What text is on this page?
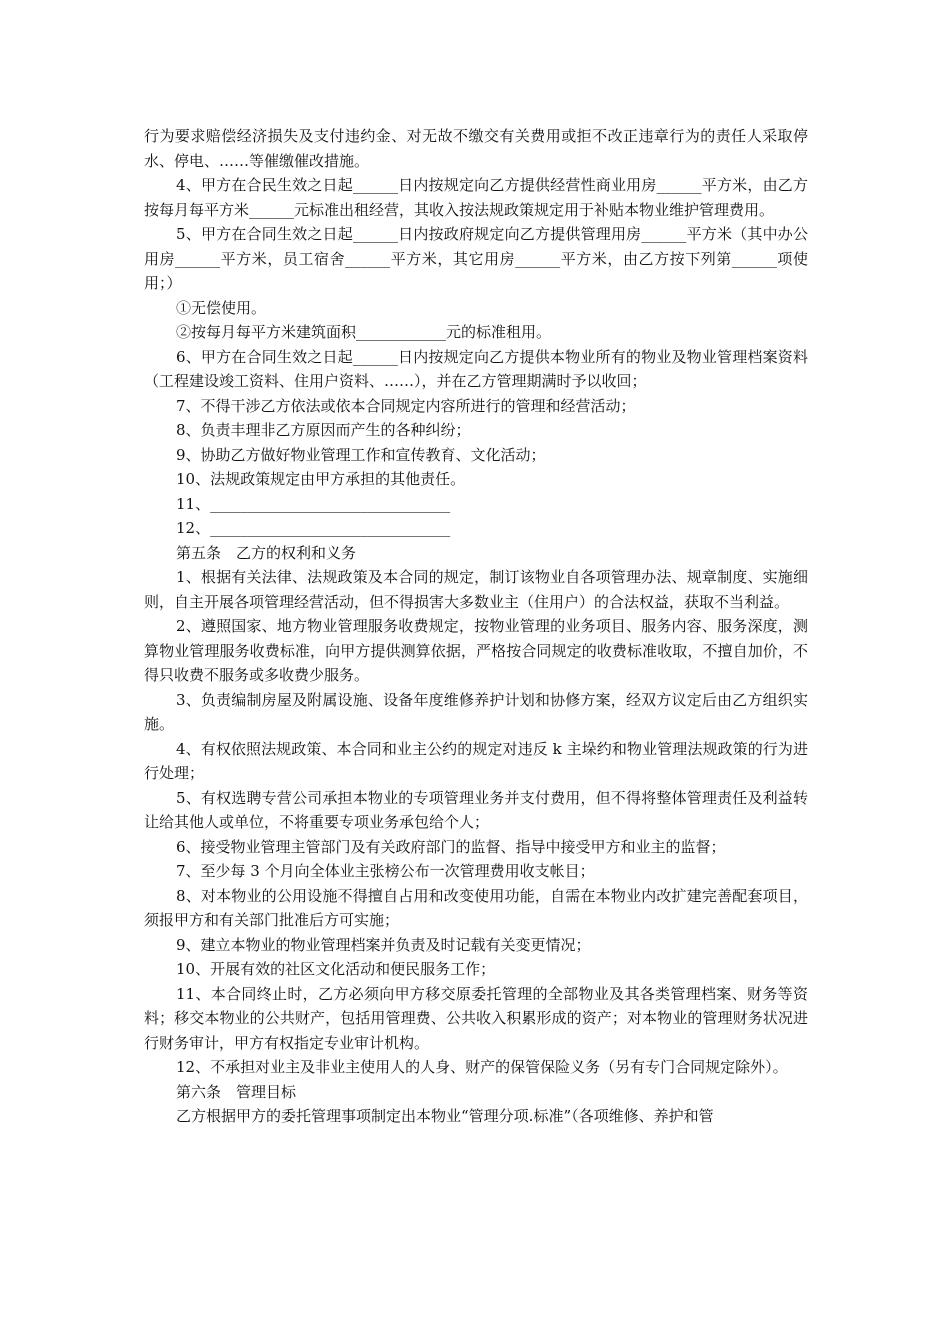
行为要求赔偿经济损失及支付违约金、对无故不缴交有关费用或拒不改正违章行为的责任人采取停水、停电、……等催缴催改措施。

4、甲方在合民生效之日起______日内按规定向乙方提供经营性商业用房______平方米，由乙方按每月每平方米______元标准出租经营，其收入按法规政策规定用于补贴本物业维护管理费用。

5、甲方在合同生效之日起______日内按政府规定向乙方提供管理用房______平方米（其中办公用房______平方米，员工宿舍______平方米，其它用房______平方米，由乙方按下列第______项使用；）

①无偿使用。

②按每月每平方米建筑面积____________元的标准租用。

6、甲方在合同生效之日起______日内按规定向乙方提供本物业所有的物业及物业管理档案资料（工程建设竣工资料、住用户资料、……），并在乙方管理期满时予以收回；

7、不得干涉乙方依法或依本合同规定内容所进行的管理和经营活动；

8、负责丰理非乙方原因而产生的各种纠纷；

9、协助乙方做好物业管理工作和宣传教育、文化活动；

10、法规政策规定由甲方承担的其他责任。

11、________________________________

12、________________________________

第五条　乙方的权利和义务

1、根据有关法律、法规政策及本合同的规定，制订该物业自各项管理办法、规章制度、实施细则，自主开展各项管理经营活动，但不得损害大多数业主（住用户）的合法权益，获取不当利益。

2、遵照国家、地方物业管理服务收费规定，按物业管理的业务项目、服务内容、服务深度，测算物业管理服务收费标准，向甲方提供测算依据，严格按合同规定的收费标准收取，不擅自加价，不得只收费不服务或多收费少服务。

3、负责编制房屋及附属设施、设备年度维修养护计划和协修方案，经双方议定后由乙方组织实施。

4、有权依照法规政策、本合同和业主公约的规定对违反 k 主垛约和物业管理法规政策的行为进行处理；

5、有权选聘专营公司承担本物业的专项管理业务并支付费用，但不得将整体管理责任及利益转让给其他人或单位，不将重要专项业务承包给个人；

6、接受物业管理主管部门及有关政府部门的监督、指导中接受甲方和业主的监督；

7、至少每 3 个月向全体业主张榜公布一次管理费用收支帐目；

8、对本物业的公用设施不得擅自占用和改变使用功能，自需在本物业内改扩建完善配套项目，须报甲方和有关部门批准后方可实施；

9、建立本物业的物业管理档案并负责及时记载有关变更情况；

10、开展有效的社区文化活动和便民服务工作；

11、本合同终止时，乙方必须向甲方移交原委托管理的全部物业及其各类管理档案、财务等资料；移交本物业的公共财产，包括用管理费、公共收入积累形成的资产；对本物业的管理财务状况进行财务审计，甲方有权指定专业审计机构。

12、不承担对业主及非业主使用人的人身、财产的保管保险义务（另有专门合同规定除外）。

第六条　管理目标

乙方根据甲方的委托管理事项制定出本物业“管理分项.标准”（各项维修、养护和管
